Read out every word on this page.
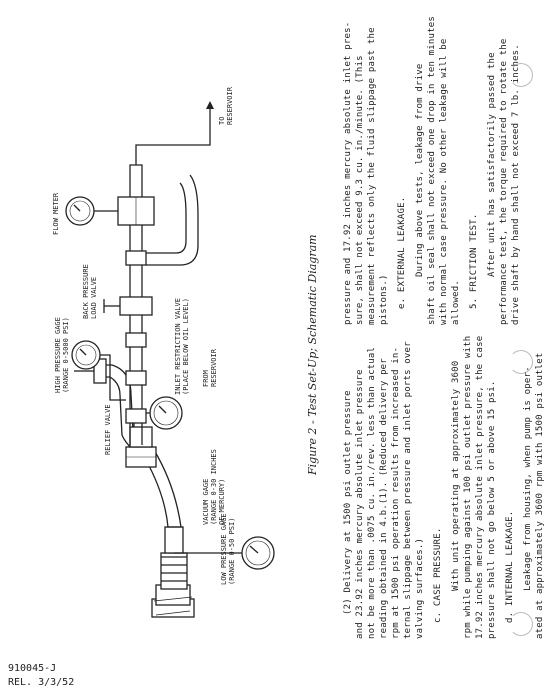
TO RESERVOIR
FLOW METER
BACK PRESSURE LOAD VALVE
HIGH PRESSURE GAGE (RANGE 0-5000 PSI)
RELIEF VALVE
INLET RESTRICTION VALVE (PLACE BELOW OIL LEVEL) FROM RESERVOIR
LOW PRESSURE GAGE (RANGE 0-50 PSI)
VACUUM GAGE (RANGE 0-30 INCHES OF MERCURY)
Figure 2 - Test Set-Up; Schematic Diagram
(2) Delivery at 1500 psi outlet pressure and 23.92 inches mercury absolute inlet pressure not be more than .0075 cu. in./rev. less than actual reading obtained in 4.b.(1). (Reduced delivery per rpm at 1500 psi operation results from increased in- ternal slippage between pressure and inlet ports over valving surfaces.) c. CASE PRESSURE. With unit operating at approximately 3600 rpm while pumping against 100 psi outlet pressure with 17.92 inches mercury absolute inlet pressure, the case pressure shall not go below 5 or above 15 psi. d. INTERNAL LEAKAGE. Leakage from housing, when pump is oper- ated at approximately 3600 rpm with 1500 psi outlet
pressure and 17.92 inches mercury absolute inlet pres- sure, shall not exceed 9.3 cu. in./minute. (This measurement reflects only the fluid slippage past the pistons.) e. EXTERNAL LEAKAGE. During above tests, leakage from drive shaft oil seal shall not exceed one drop in ten minutes with normal case pressure. No other leakage will be allowed. 5. FRICTION TEST. After unit has satisfactorily passed the performance test, the torque required to rotate the drive shaft by hand shall not exceed 7 lb. inches.
910045-J
REL. 3/3/52
